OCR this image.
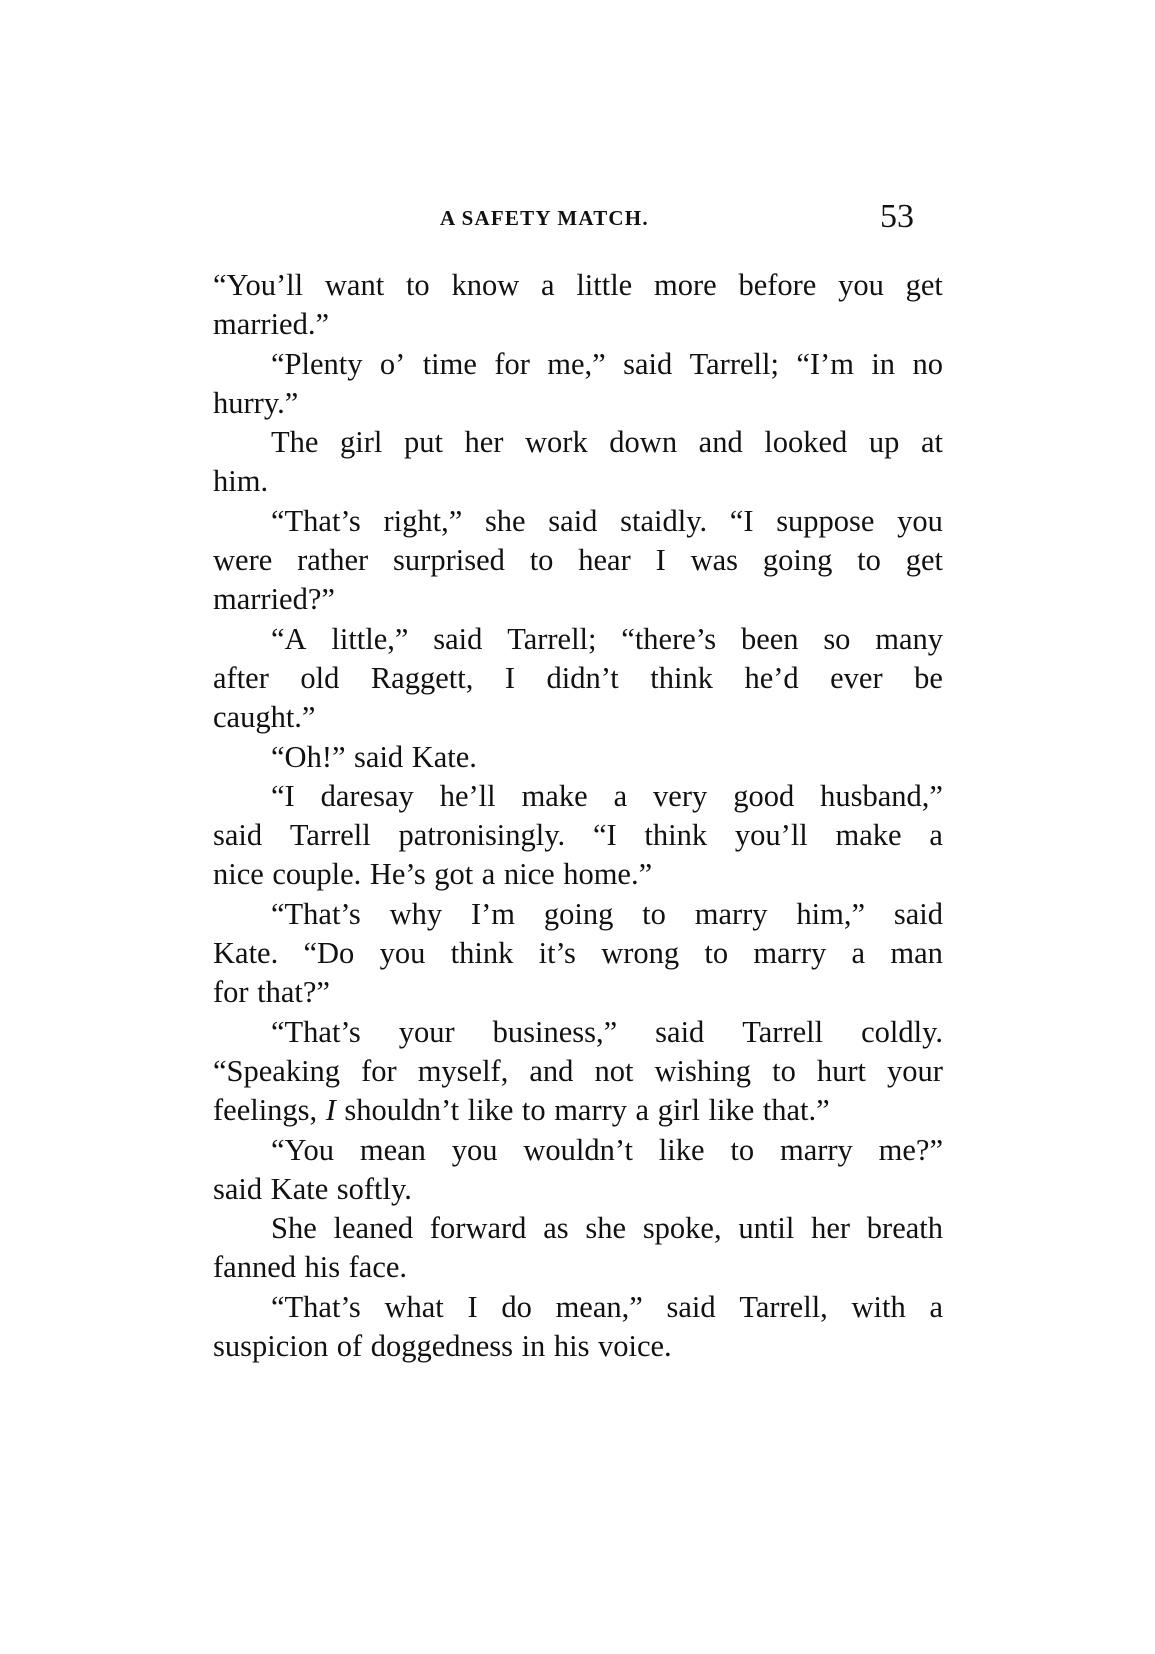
A SAFETY MATCH.	53
“You’ll want to know a little more before you get
married.”
“Plenty o’ time for me,” said Tarrell; “I’m in no
hurry.”
The girl put her work down and looked up at
him.
“That’s right,” she said staidly. “I suppose you
were rather surprised to hear I was going to get
married?”
“A little,” said Tarrell; “there’s been so many
after old Raggett, I didn’t think he’d ever be
caught.”
“Oh!” said Kate.
“I daresay he’ll make a very good husband,”
said Tarrell patronisingly. “I think you’ll make a
nice couple. He’s got a nice home.”
“That’s why I’m going to marry him,” said
Kate. “Do you think it’s wrong to marry a man
for that?”
“That’s your business,” said Tarrell coldly.
“Speaking for myself, and not wishing to hurt your
feelings, I shouldn’t like to marry a girl like that.”
“You mean you wouldn’t like to marry me?”
said Kate softly.
She leaned forward as she spoke, until her breath
fanned his face.
“That’s what I do mean,” said Tarrell, with a
suspicion of doggedness in his voice.
